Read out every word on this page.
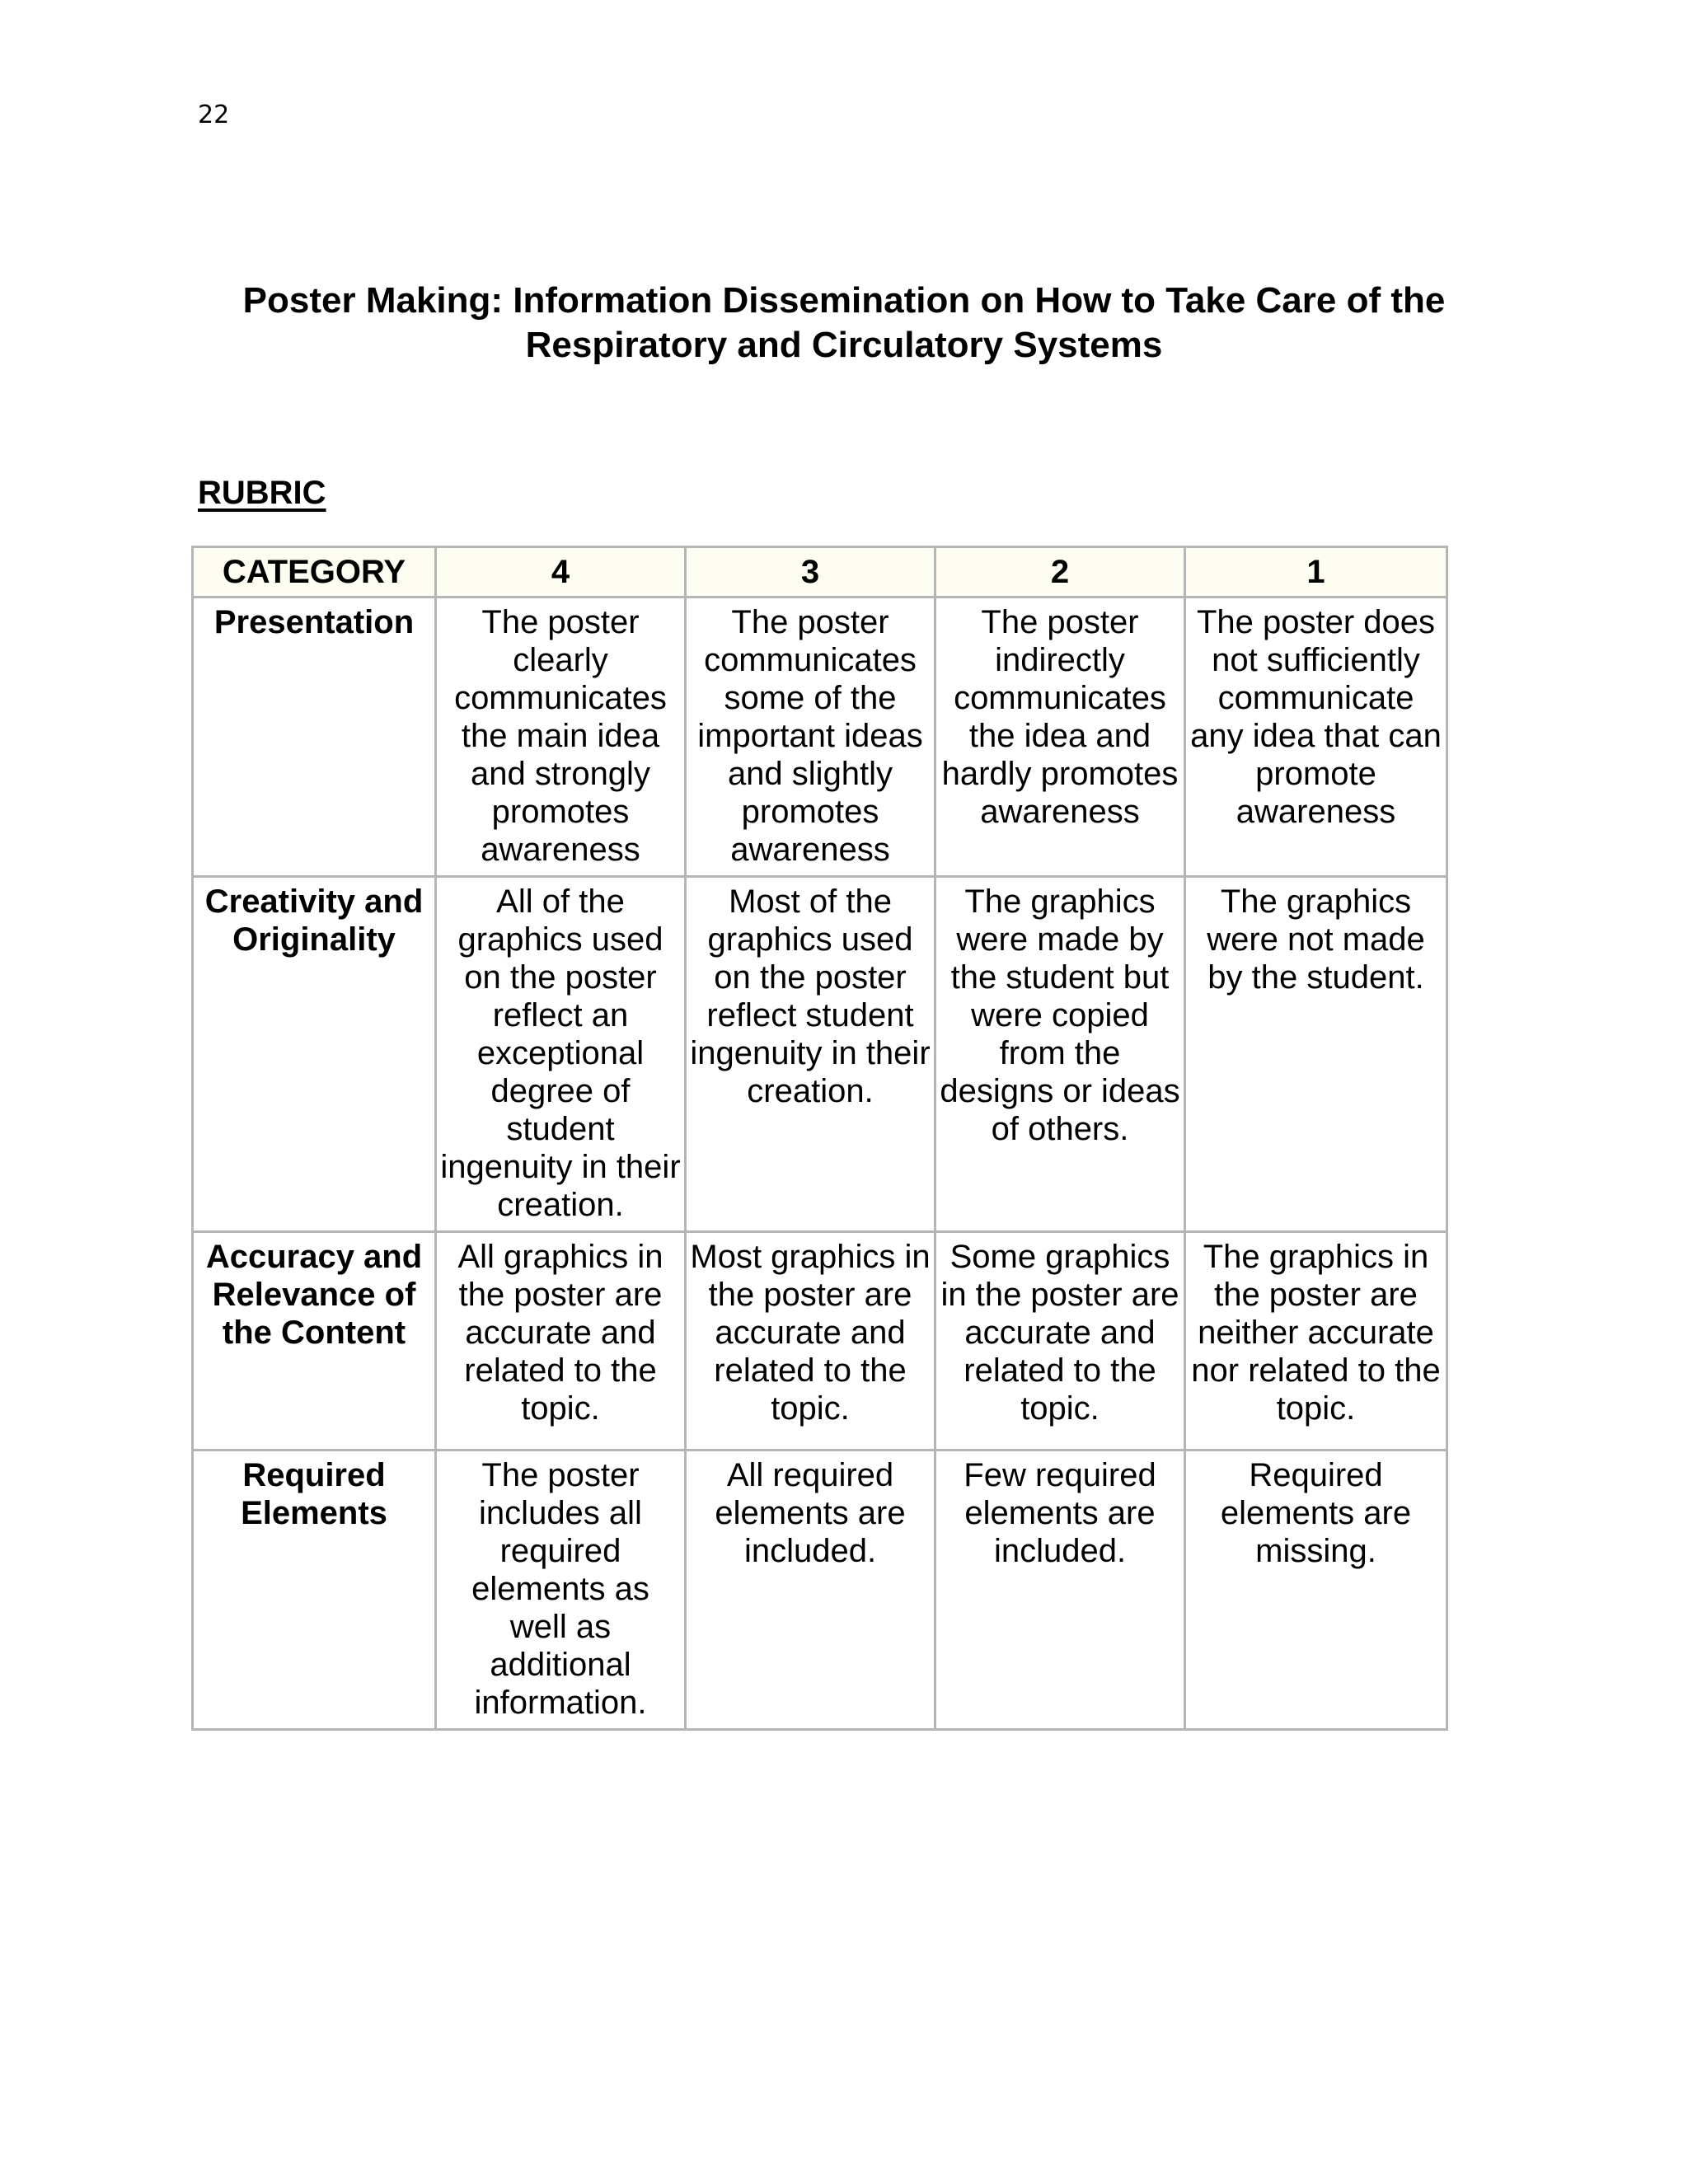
22
Poster Making: Information Dissemination on How to Take Care of the
Respiratory and Circulatory Systems
RUBRIC
CATEGORY	4	3	2	1
Presentation	The poster clearly communicates the main idea and strongly promotes awareness	The poster communicates some of the important ideas and slightly promotes awareness	The poster indirectly communicates the idea and hardly promotes awareness	The poster does not sufficiently communicate any idea that can promote awareness
Creativity and Originality	All of the graphics used on the poster reflect an exceptional degree of student ingenuity in their creation.	Most of the graphics used on the poster reflect student ingenuity in their creation.	The graphics were made by the student but were copied from the designs or ideas of others.	The graphics were not made by the student.
Accuracy and Relevance of the Content	All graphics in the poster are accurate and related to the topic.	Most graphics in the poster are accurate and related to the topic.	Some graphics in the poster are accurate and related to the topic.	The graphics in the poster are neither accurate nor related to the topic.
Required Elements	The poster includes all required elements as well as additional information.	All required elements are included.	Few required elements are included.	Required elements are missing.
